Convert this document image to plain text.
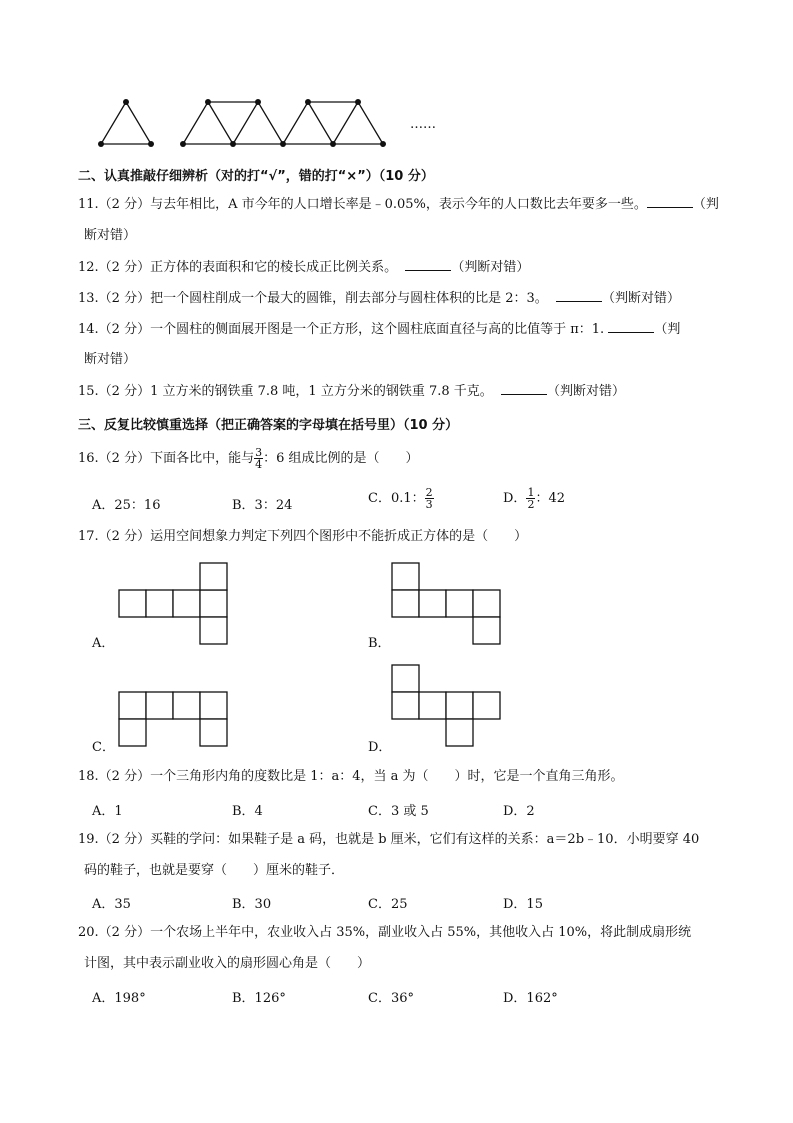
……
二、认真推敲仔细辨析（对的打“√”，错的打“×”）（10 分）
11.（2 分）与去年相比，A 市今年的人口增长率是﹣0.05%，表示今年的人口数比去年要多一些。	（判
断对错）
12.（2 分）正方体的表面积和它的棱长成正比例关系。	（判断对错）
13.（2 分）把一个圆柱削成一个最大的圆锥，削去部分与圆柱体积的比是 2：3。	（判断对错）
14.（2 分）一个圆柱的侧面展开图是一个正方形，这个圆柱底面直径与高的比值等于 π：1.	（判
断对错）
15.（2 分）1 立方米的钢铁重 7.8 吨，1 立方分米的钢铁重 7.8 千克。	（判断对错）
三、反复比较慎重选择（把正确答案的字母填在括号里）（10 分）
16.（2 分）下面各比中，能与 $\frac{3}{4}$ ：6 组成比例的是（　　）
A．25：16	B．3：24	C．0.1： $\frac{2}{3}$	D． $\frac{1}{2}$ ：42
17.（2 分）运用空间想象力判定下列四个图形中不能折成正方体的是（　　）
A．	B．
C．	D．
18.（2 分）一个三角形内角的度数比是 1：a：4，当 a 为（　　）时，它是一个直角三角形。
A．1	B．4	C．3 或 5	D．2
19.（2 分）买鞋的学问：如果鞋子是 a 码，也就是 b 厘米，它们有这样的关系：a＝2b﹣10．小明要穿 40
码的鞋子，也就是要穿（　　）厘米的鞋子．
A．35	B．30	C．25	D．15
20.（2 分）一个农场上半年中，农业收入占 35%，副业收入占 55%，其他收入占 10%，将此制成扇形统
计图，其中表示副业收入的扇形圆心角是（　　）
A．198°	B．126°	C．36°	D．162°
